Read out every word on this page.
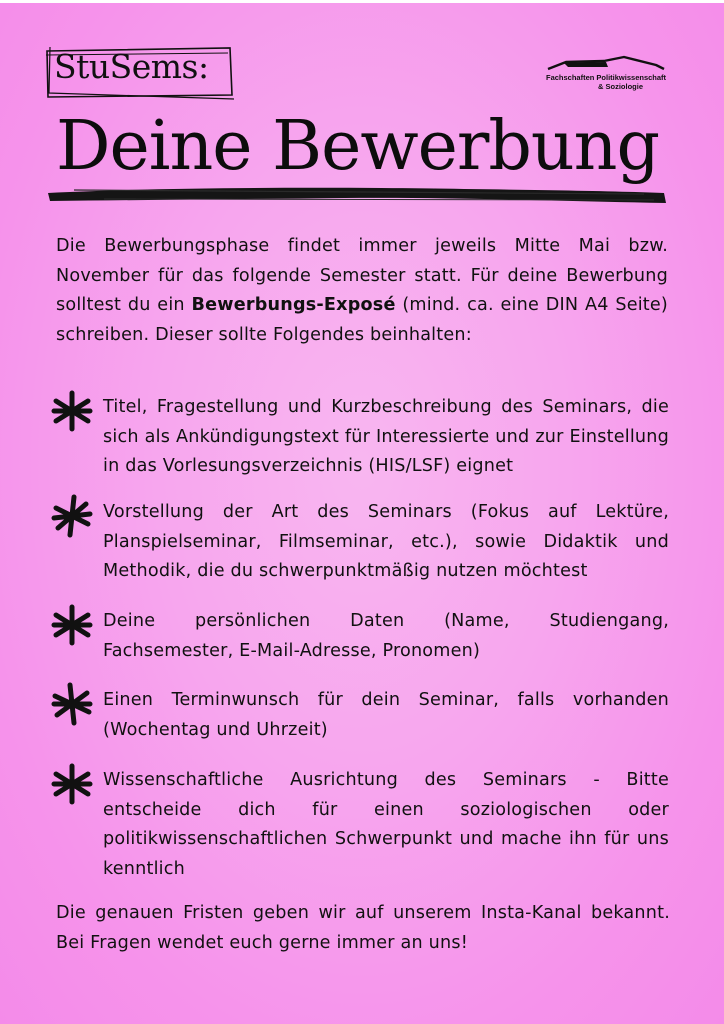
StuSems:	Fachschaften Politikwissenschaft
& Soziologie
Deine Bewerbung
Die Bewerbungsphase findet immer jeweils Mitte Mai bzw. November für das folgende Semester statt. Für deine Bewerbung solltest du ein Bewerbungs-Exposé (mind. ca. eine DIN A4 Seite) schreiben. Dieser sollte Folgendes beinhalten:
Titel, Fragestellung und Kurzbeschreibung des Seminars, die sich als Ankündigungstext für Interessierte und zur Einstellung in das Vorlesungsverzeichnis (HIS/LSF) eignet
Vorstellung der Art des Seminars (Fokus auf Lektüre, Planspielseminar, Filmseminar, etc.), sowie Didaktik und Methodik, die du schwerpunktmäßig nutzen möchtest
Deine persönlichen Daten (Name, Studiengang, Fachsemester, E-Mail-Adresse, Pronomen)
Einen Terminwunsch für dein Seminar, falls vorhanden (Wochentag und Uhrzeit)
Wissenschaftliche Ausrichtung des Seminars - Bitte entscheide dich für einen soziologischen oder politikwissenschaftlichen Schwerpunkt und mache ihn für uns kenntlich
Die genauen Fristen geben wir auf unserem Insta-Kanal bekannt. Bei Fragen wendet euch gerne immer an uns!
